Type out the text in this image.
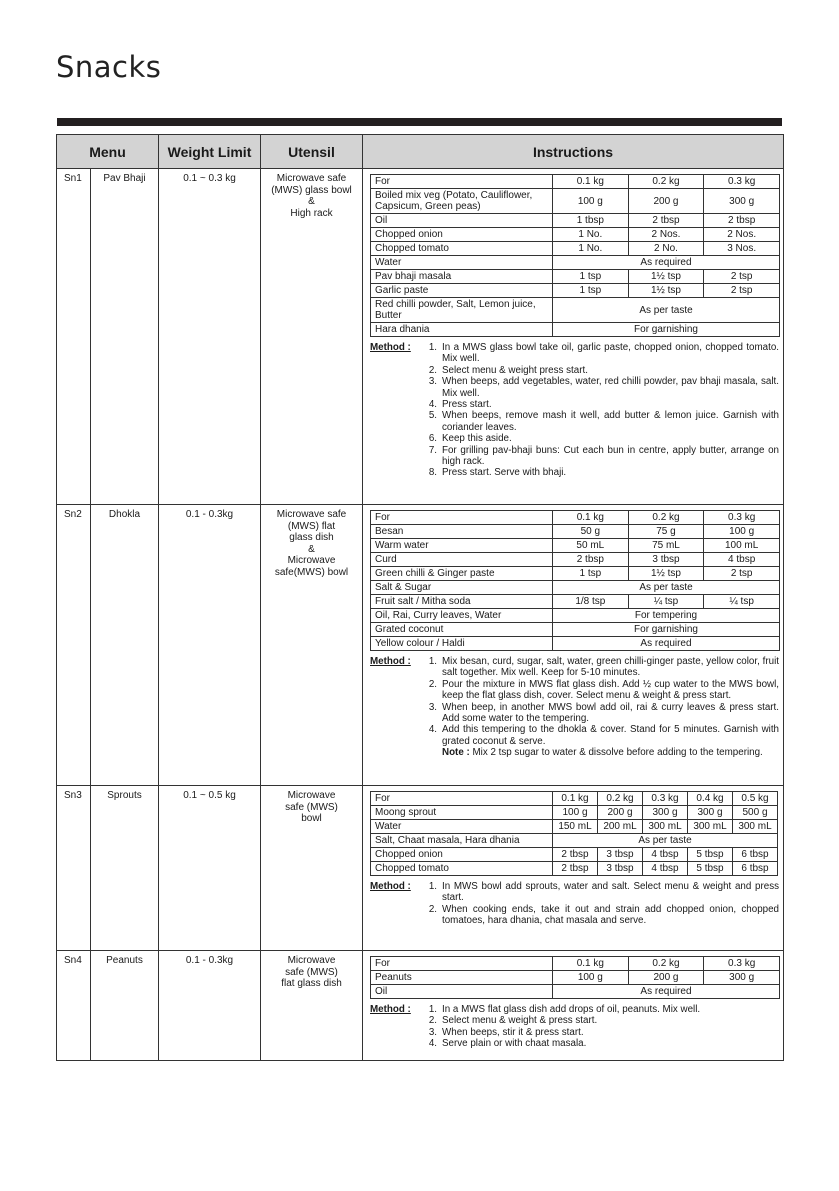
Snacks
Menu	Weight Limit	Utensil	Instructions
Sn1	Pav Bhaji	0.1 ~ 0.3 kg	Microwave safe
(MWS) glass bowl
&
High rack

For	0.1 kg	0.2 kg	0.3 kg
Boiled mix veg (Potato, Cauliflower, Capsicum, Green peas)	100 g	200 g	300 g
Oil	1 tbsp	2 tbsp	2 tbsp
Chopped onion	1 No.	2 Nos.	2 Nos.
Chopped tomato	1 No.	2 No.	3 Nos.
Water	As required
Pav bhaji masala	1 tsp	1½ tsp	2 tsp
Garlic paste	1 tsp	1½ tsp	2 tsp
Red chilli powder, Salt, Lemon juice, Butter	As per taste
Hara dhania	For garnishing
Method :	1. In a MWS glass bowl take oil, garlic paste, chopped onion, chopped tomato. Mix well.
2. Select menu & weight press start.
3. When beeps, add vegetables, water, red chilli powder, pav bhaji masala, salt. Mix well.
4. Press start.
5. When beeps, remove mash it well, add butter & lemon juice. Garnish with coriander leaves.
6. Keep this aside.
7. For grilling pav-bhaji buns: Cut each bun in centre, apply butter, arrange on high rack.
8. Press start. Serve with bhaji.

Sn2	Dhokla	0.1 - 0.3kg	Microwave safe
(MWS) flat
glass dish
&
Microwave
safe(MWS) bowl

For	0.1 kg	0.2 kg	0.3 kg
Besan	50 g	75 g	100 g
Warm water	50 mL	75 mL	100 mL
Curd	2 tbsp	3 tbsp	4 tbsp
Green chilli & Ginger paste	1 tsp	1½ tsp	2 tsp
Salt & Sugar	As per taste
Fruit salt / Mitha soda	1/8 tsp	¼ tsp	¼ tsp
Oil, Rai, Curry leaves, Water	For tempering
Grated coconut	For garnishing
Yellow colour / Haldi	As required
Method :	1. Mix besan, curd, sugar, salt, water, green chilli-ginger paste, yellow color, fruit salt together. Mix well. Keep for 5-10 minutes.
2. Pour the mixture in MWS flat glass dish. Add ½ cup water to the MWS bowl, keep the flat glass dish, cover. Select menu & weight & press start.
3. When beep, in another MWS bowl add oil, rai & curry leaves & press start. Add some water to the tempering.
4. Add this tempering to the dhokla & cover. Stand for 5 minutes. Garnish with grated coconut & serve.
Note : Mix 2 tsp sugar to water & dissolve before adding to the tempering.

Sn3	Sprouts	0.1 ~ 0.5 kg	Microwave
safe (MWS)
bowl

For	0.1 kg	0.2 kg	0.3 kg	0.4 kg	0.5 kg
Moong sprout	100 g	200 g	300 g	300 g	500 g
Water	150 mL	200 mL	300 mL	300 mL	300 mL
Salt, Chaat masala, Hara dhania	As per taste
Chopped onion	2 tbsp	3 tbsp	4 tbsp	5 tbsp	6 tbsp
Chopped tomato	2 tbsp	3 tbsp	4 tbsp	5 tbsp	6 tbsp
Method :	1. In MWS bowl add sprouts, water and salt. Select menu & weight and press start.
2. When cooking ends, take it out and strain add chopped onion, chopped tomatoes, hara dhania, chat masala and serve.

Sn4	Peanuts	0.1 - 0.3kg	Microwave
safe (MWS)
flat glass dish

For	0.1 kg	0.2 kg	0.3 kg
Peanuts	100 g	200 g	300 g
Oil	As required
Method :	1. In a MWS flat glass dish add drops of oil, peanuts. Mix well.
2. Select menu & weight & press start.
3. When beeps, stir it & press start.
4. Serve plain or with chaat masala.
